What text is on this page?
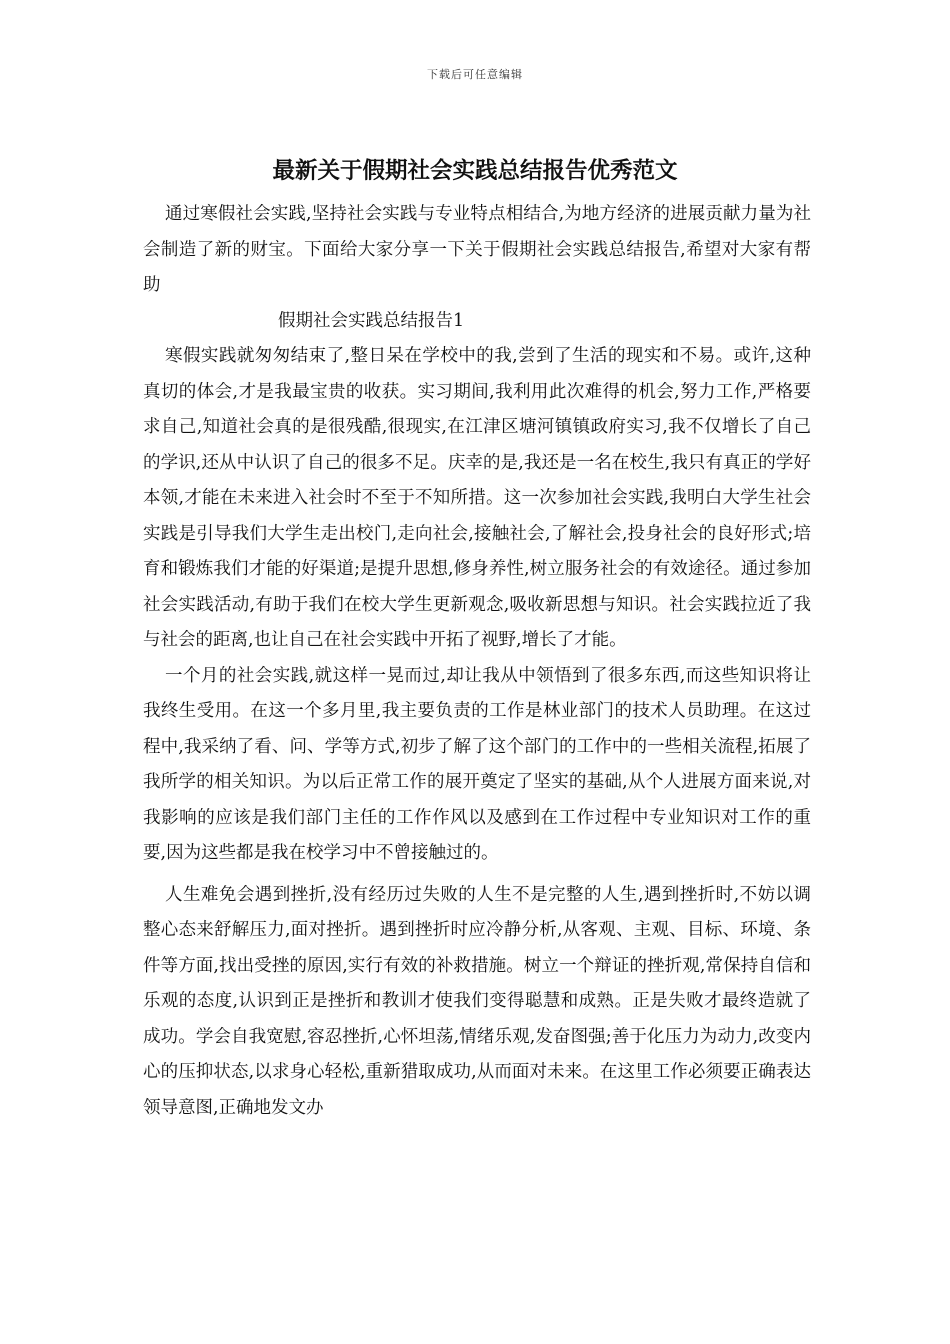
下载后可任意编辑
最新关于假期社会实践总结报告优秀范文

通过寒假社会实践,坚持社会实践与专业特点相结合,为地方经济的进展贡献力量为社会制造了新的财宝。下面给大家分享一下关于假期社会实践总结报告,希望对大家有帮助

假期社会实践总结报告1

寒假实践就匆匆结束了,整日呆在学校中的我,尝到了生活的现实和不易。或许,这种真切的体会,才是我最宝贵的收获。实习期间,我利用此次难得的机会,努力工作,严格要求自己,知道社会真的是很残酷,很现实,在江津区塘河镇镇政府实习,我不仅增长了自己的学识,还从中认识了自己的很多不足。庆幸的是,我还是一名在校生,我只有真正的学好本领,才能在未来进入社会时不至于不知所措。这一次参加社会实践,我明白大学生社会实践是引导我们大学生走出校门,走向社会,接触社会,了解社会,投身社会的良好形式;培育和锻炼我们才能的好渠道;是提升思想,修身养性,树立服务社会的有效途径。通过参加社会实践活动,有助于我们在校大学生更新观念,吸收新思想与知识。社会实践拉近了我与社会的距离,也让自己在社会实践中开拓了视野,增长了才能。

一个月的社会实践,就这样一晃而过,却让我从中领悟到了很多东西,而这些知识将让我终生受用。在这一个多月里,我主要负责的工作是林业部门的技术人员助理。在这过程中,我采纳了看、问、学等方式,初步了解了这个部门的工作中的一些相关流程,拓展了我所学的相关知识。为以后正常工作的展开奠定了坚实的基础,从个人进展方面来说,对我影响的应该是我们部门主任的工作作风以及感到在工作过程中专业知识对工作的重要,因为这些都是我在校学习中不曾接触过的。

人生难免会遇到挫折,没有经历过失败的人生不是完整的人生,遇到挫折时,不妨以调整心态来舒解压力,面对挫折。遇到挫折时应冷静分析,从客观、主观、目标、环境、条件等方面,找出受挫的原因,实行有效的补救措施。树立一个辩证的挫折观,常保持自信和乐观的态度,认识到正是挫折和教训才使我们变得聪慧和成熟。正是失败才最终造就了成功。学会自我宽慰,容忍挫折,心怀坦荡,情绪乐观,发奋图强;善于化压力为动力,改变内心的压抑状态,以求身心轻松,重新猎取成功,从而面对未来。在这里工作必须要正确表达领导意图,正确地发文办
